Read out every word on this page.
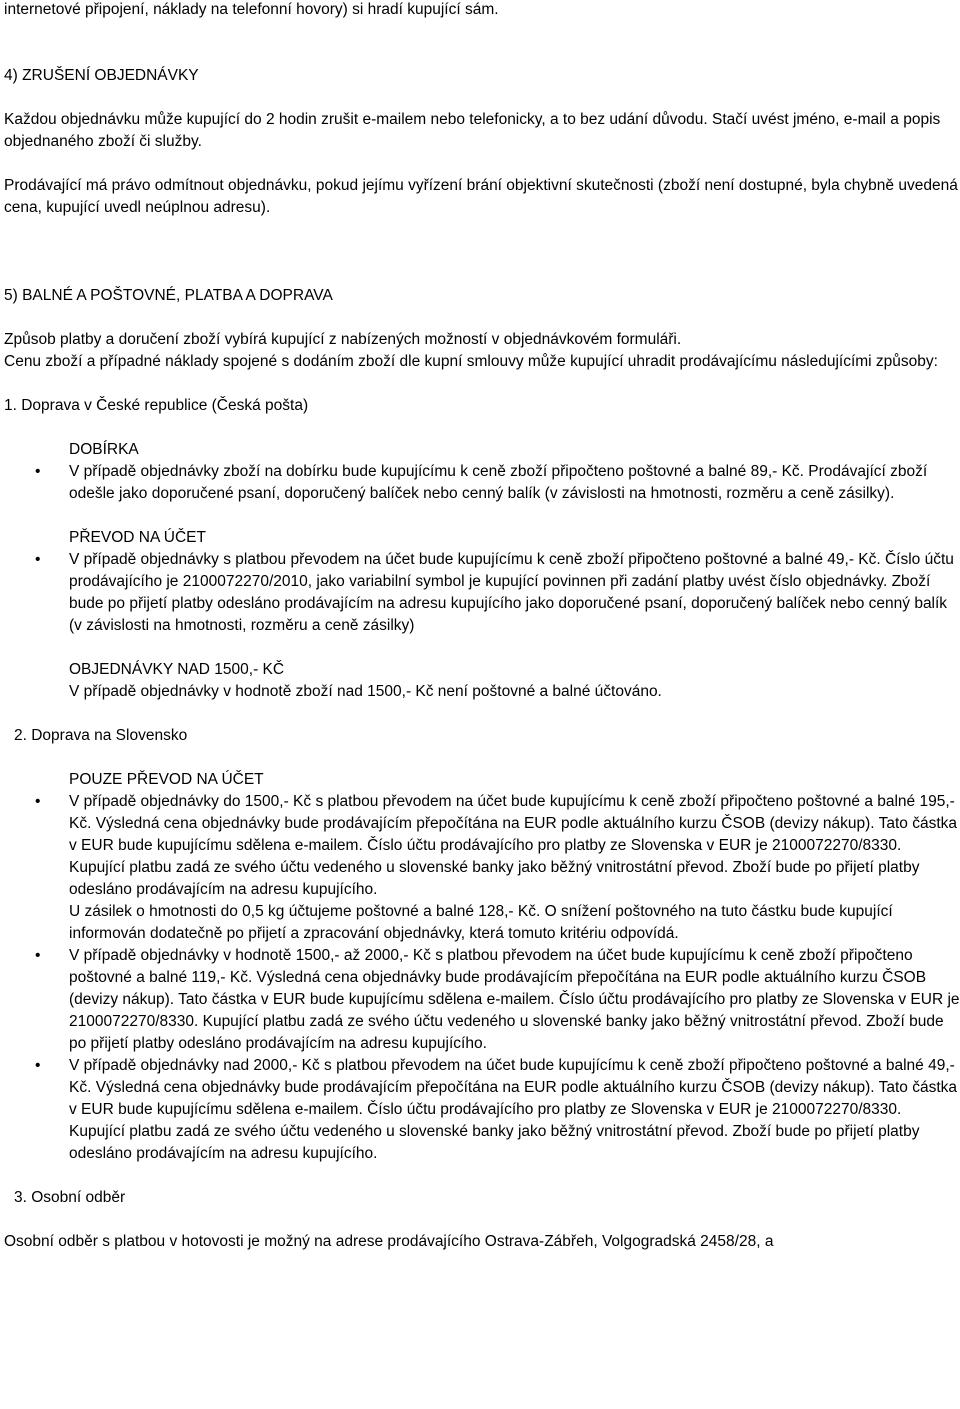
internetové připojení, náklady na telefonní hovory) si hradí kupující sám.

4) ZRUŠENÍ OBJEDNÁVKY

Každou objednávku může kupující do 2 hodin zrušit e-mailem nebo telefonicky, a to bez udání důvodu. Stačí uvést jméno, e-mail a popis objednaného zboží či služby.

Prodávající má právo odmítnout objednávku, pokud jejímu vyřízení brání objektivní skutečnosti (zboží není dostupné, byla chybně uvedená cena, kupující uvedl neúplnou adresu).

5) BALNÉ A POŠTOVNÉ, PLATBA A DOPRAVA

Způsob platby a doručení zboží vybírá kupující z nabízených možností v objednávkovém formuláři.

Cenu zboží a případné náklady spojené s dodáním zboží dle kupní smlouvy může kupující uhradit prodávajícímu následujícími způsoby:

1. Doprava v České republice (Česká pošta)

DOBÍRKA

• V případě objednávky zboží na dobírku bude kupujícímu k ceně zboží připočteno poštovné a balné 89,- Kč. Prodávající zboží odešle jako doporučené psaní, doporučený balíček nebo cenný balík (v závislosti na hmotnosti, rozměru a ceně zásilky).

PŘEVOD NA ÚČET

• V případě objednávky s platbou převodem na účet bude kupujícímu k ceně zboží připočteno poštovné a balné 49,- Kč. Číslo účtu prodávajícího je 2100072270/2010, jako variabilní symbol je kupující povinnen při zadání platby uvést číslo objednávky. Zboží bude po přijetí platby odesláno prodávajícím na adresu kupujícího jako doporučené psaní, doporučený balíček nebo cenný balík (v závislosti na hmotnosti, rozměru a ceně zásilky)

OBJEDNÁVKY NAD 1500,- KČ

V případě objednávky v hodnotě zboží nad 1500,- Kč není poštovné a balné účtováno.

2. Doprava na Slovensko

POUZE PŘEVOD NA ÚČET

• V případě objednávky do 1500,- Kč s platbou převodem na účet bude kupujícímu k ceně zboží připočteno poštovné a balné 195,- Kč. Výsledná cena objednávky bude prodávajícím přepočítána na EUR podle aktuálního kurzu ČSOB (devizy nákup). Tato částka v EUR bude kupujícímu sdělena e-mailem. Číslo účtu prodávajícího pro platby ze Slovenska v EUR je 2100072270/8330. Kupující platbu zadá ze svého účtu vedeného u slovenské banky jako běžný vnitrostátní převod. Zboží bude po přijetí platby odesláno prodávajícím na adresu kupujícího.

U zásilek o hmotnosti do 0,5 kg účtujeme poštovné a balné 128,- Kč. O snížení poštovného na tuto částku bude kupující informován dodatečně po přijetí a zpracování objednávky, která tomuto kritériu odpovídá.

• V případě objednávky v hodnotě 1500,- až 2000,- Kč s platbou převodem na účet bude kupujícímu k ceně zboží připočteno poštovné a balné 119,- Kč. Výsledná cena objednávky bude prodávajícím přepočítána na EUR podle aktuálního kurzu ČSOB (devizy nákup). Tato částka v EUR bude kupujícímu sdělena e-mailem. Číslo účtu prodávajícího pro platby ze Slovenska v EUR je 2100072270/8330. Kupující platbu zadá ze svého účtu vedeného u slovenské banky jako běžný vnitrostátní převod. Zboží bude po přijetí platby odesláno prodávajícím na adresu kupujícího.

• V případě objednávky nad 2000,- Kč s platbou převodem na účet bude kupujícímu k ceně zboží připočteno poštovné a balné 49,- Kč. Výsledná cena objednávky bude prodávajícím přepočítána na EUR podle aktuálního kurzu ČSOB (devizy nákup). Tato částka v EUR bude kupujícímu sdělena e-mailem. Číslo účtu prodávajícího pro platby ze Slovenska v EUR je 2100072270/8330. Kupující platbu zadá ze svého účtu vedeného u slovenské banky jako běžný vnitrostátní převod. Zboží bude po přijetí platby odesláno prodávajícím na adresu kupujícího.

3. Osobní odběr

Osobní odběr s platbou v hotovosti je možný na adrese prodávajícího Ostrava-Zábřeh, Volgogradská 2458/28, a
